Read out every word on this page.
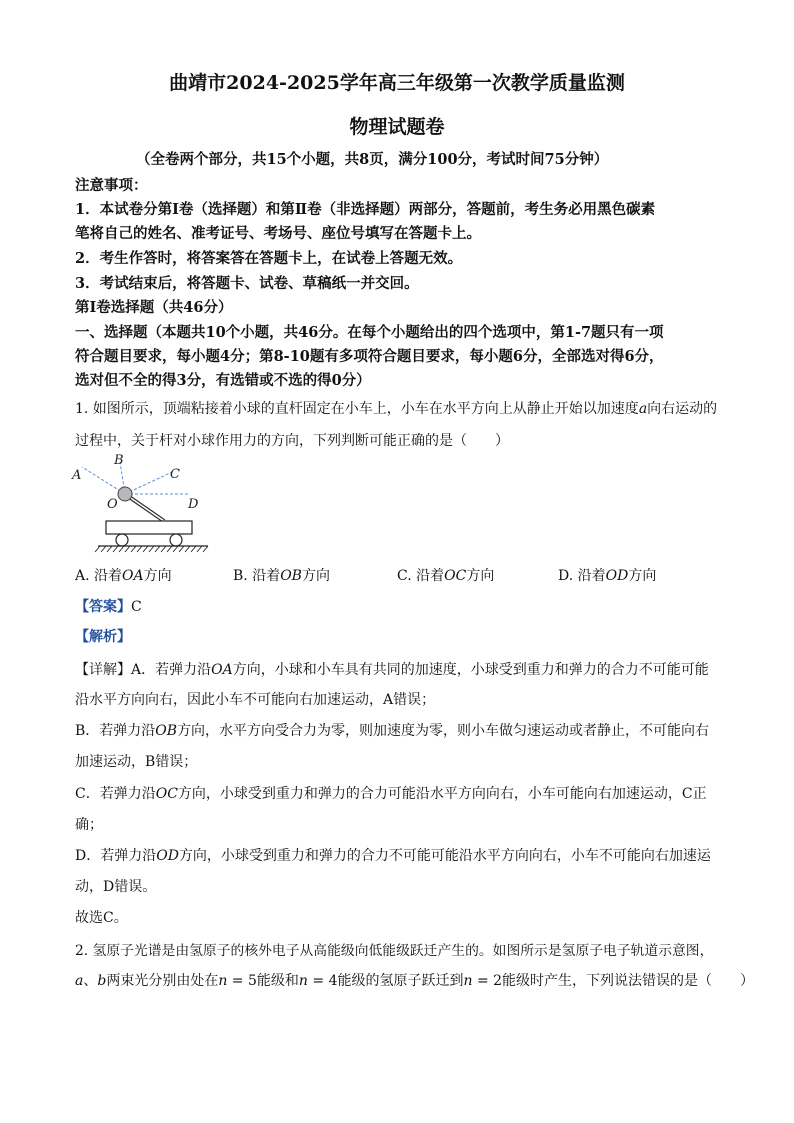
曲靖市2024-2025学年高三年级第一次教学质量监测
物理试题卷
（全卷两个部分，共15个小题，共8页，满分100分，考试时间75分钟）
注意事项：
1．本试卷分第Ⅰ卷（选择题）和第Ⅱ卷（非选择题）两部分，答题前，考生务必用黑色碳素
笔将自己的姓名、准考证号、考场号、座位号填写在答题卡上。
2．考生作答时，将答案答在答题卡上，在试卷上答题无效。
3．考试结束后，将答题卡、试卷、草稿纸一并交回。
第Ⅰ卷选择题（共46分）
一、选择题（本题共10个小题，共46分。在每个小题给出的四个选项中，第1-7题只有一项
符合题目要求，每小题4分；第8-10题有多项符合题目要求，每小题6分，全部选对得6分，
选对但不全的得3分，有选错或不选的得0分）
1. 如图所示，顶端粘接着小球的直杆固定在小车上，小车在水平方向上从静止开始以加速度a向右运动的
过程中，关于杆对小球作用力的方向，下列判断可能正确的是（　　）
A
B
C
D
O
A. 沿着OA方向	B. 沿着OB方向	C. 沿着OC方向	D. 沿着OD方向
【答案】C
【解析】
【详解】A．若弹力沿OA方向，小球和小车具有共同的加速度，小球受到重力和弹力的合力不可能可能
沿水平方向向右，因此小车不可能向右加速运动，A错误；
B．若弹力沿OB方向，水平方向受合力为零，则加速度为零，则小车做匀速运动或者静止，不可能向右
加速运动，B错误；
C．若弹力沿OC方向，小球受到重力和弹力的合力可能沿水平方向向右，小车可能向右加速运动，C正
确；
D．若弹力沿OD方向，小球受到重力和弹力的合力不可能可能沿水平方向向右，小车不可能向右加速运
动，D错误。
故选C。
2. 氢原子光谱是由氢原子的核外电子从高能级向低能级跃迁产生的。如图所示是氢原子电子轨道示意图，
a、b两束光分别由处在n = 5能级和n = 4能级的氢原子跃迁到n = 2能级时产生，下列说法错误的是（　　）
